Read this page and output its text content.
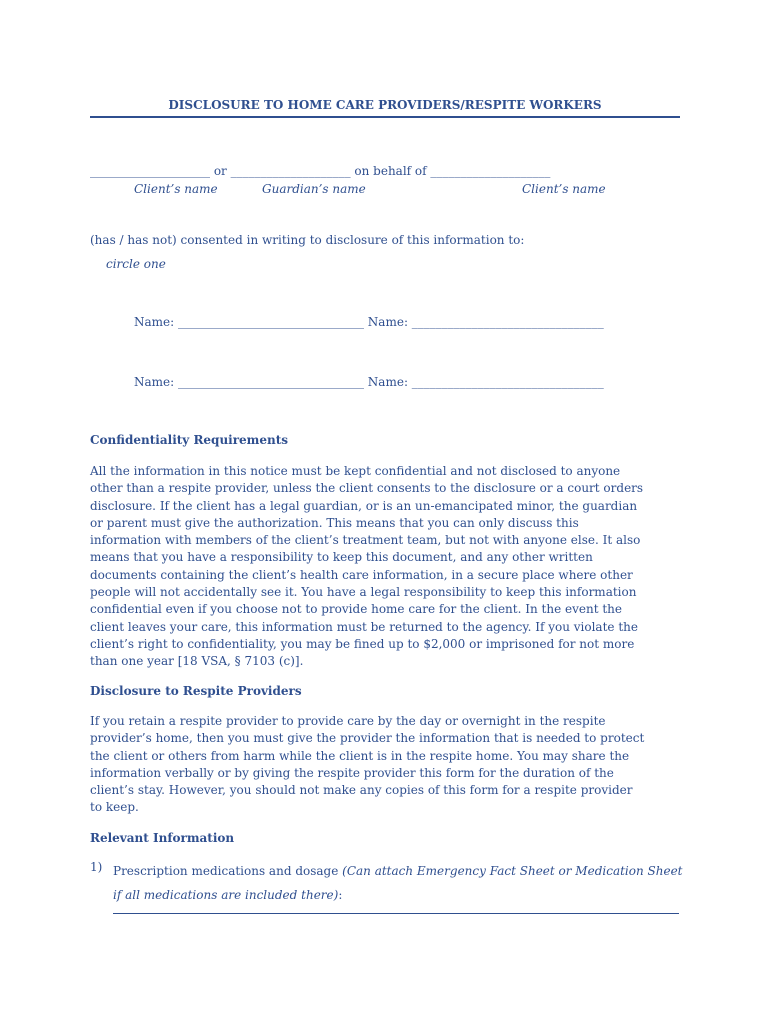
DISCLOSURE TO HOME CARE PROVIDERS/RESPITE WORKERS
____________________ or ____________________ on behalf of ____________________
Client’s name	Guardian’s name	Client’s name
(has / has not) consented in writing to disclosure of this information to:
circle one
Name: _______________________________ Name: ________________________________
Name: _______________________________ Name: ________________________________
Confidentiality Requirements
All the information in this notice must be kept confidential and not disclosed to anyone
other than a respite provider, unless the client consents to the disclosure or a court orders
disclosure. If the client has a legal guardian, or is an un-emancipated minor, the guardian
or parent must give the authorization. This means that you can only discuss this
information with members of the client’s treatment team, but not with anyone else. It also
means that you have a responsibility to keep this document, and any other written
documents containing the client’s health care information, in a secure place where other
people will not accidentally see it. You have a legal responsibility to keep this information
confidential even if you choose not to provide home care for the client. In the event the
client leaves your care, this information must be returned to the agency. If you violate the
client’s right to confidentiality, you may be fined up to $2,000 or imprisoned for not more
than one year [18 VSA, § 7103 (c)].
Disclosure to Respite Providers
If you retain a respite provider to provide care by the day or overnight in the respite
provider’s home, then you must give the provider the information that is needed to protect
the client or others from harm while the client is in the respite home. You may share the
information verbally or by giving the respite provider this form for the duration of the
client’s stay. However, you should not make any copies of this form for a respite provider
to keep.
Relevant Information
1) Prescription medications and dosage (Can attach Emergency Fact Sheet or Medication Sheet if all medications are included there):
